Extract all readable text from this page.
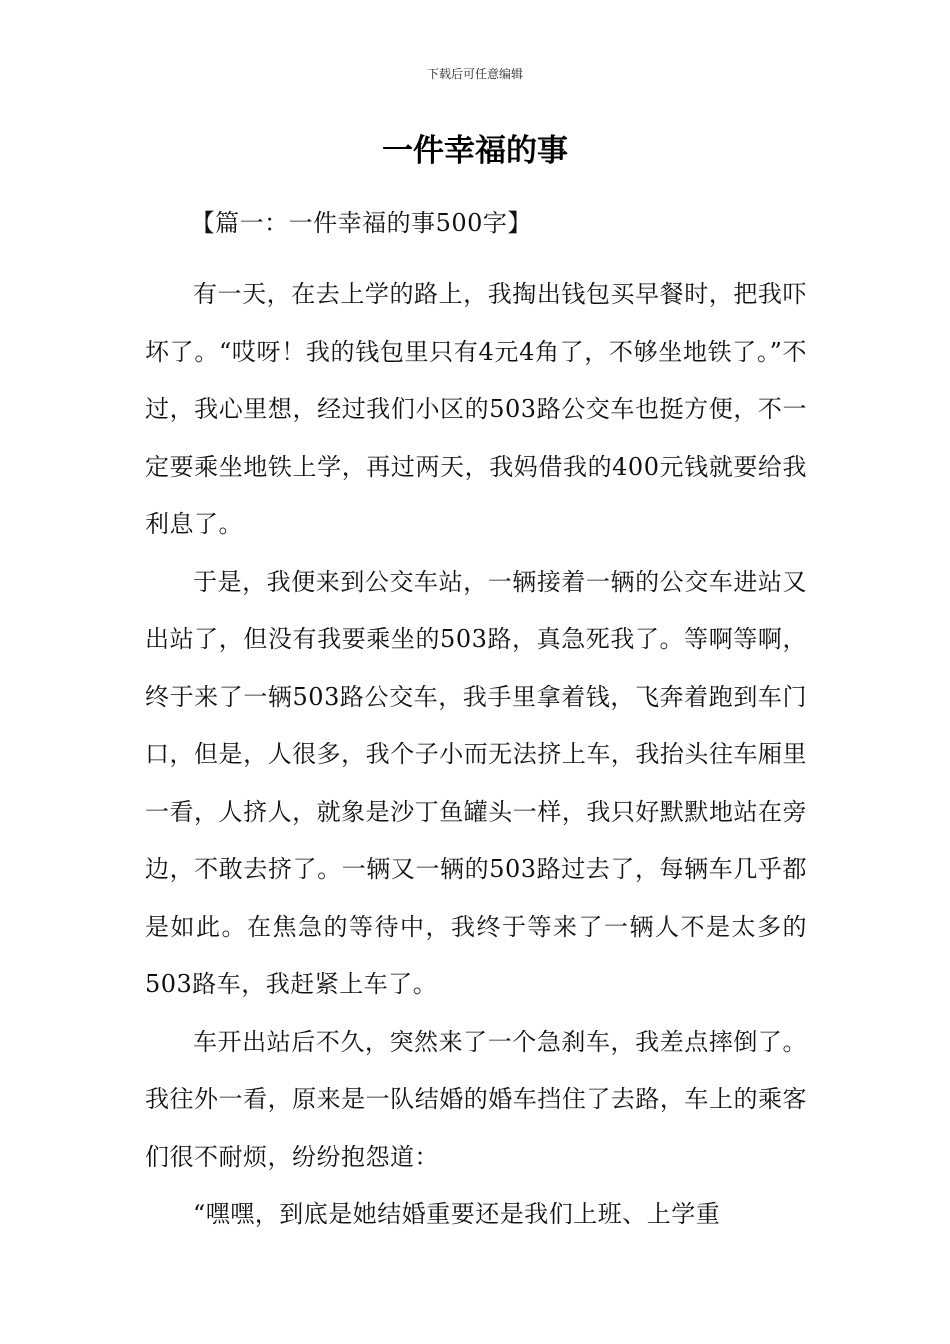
下载后可任意编辑
一件幸福的事

【篇一：一件幸福的事500字】

有一天，在去上学的路上，我掏出钱包买早餐时，把我吓坏了。“哎呀！我的钱包里只有4元4角了，不够坐地铁了。”不过，我心里想，经过我们小区的503路公交车也挺方便，不一定要乘坐地铁上学，再过两天，我妈借我的400元钱就要给我利息了。

于是，我便来到公交车站，一辆接着一辆的公交车进站又出站了，但没有我要乘坐的503路，真急死我了。等啊等啊，终于来了一辆503路公交车，我手里拿着钱，飞奔着跑到车门口，但是，人很多，我个子小而无法挤上车，我抬头往车厢里一看，人挤人，就象是沙丁鱼罐头一样，我只好默默地站在旁边，不敢去挤了。一辆又一辆的503路过去了，每辆车几乎都是如此。在焦急的等待中，我终于等来了一辆人不是太多的503路车，我赶紧上车了。

车开出站后不久，突然来了一个急刹车，我差点摔倒了。我往外一看，原来是一队结婚的婚车挡住了去路，车上的乘客们很不耐烦，纷纷抱怨道：

“嘿嘿，到底是她结婚重要还是我们上班、上学重
